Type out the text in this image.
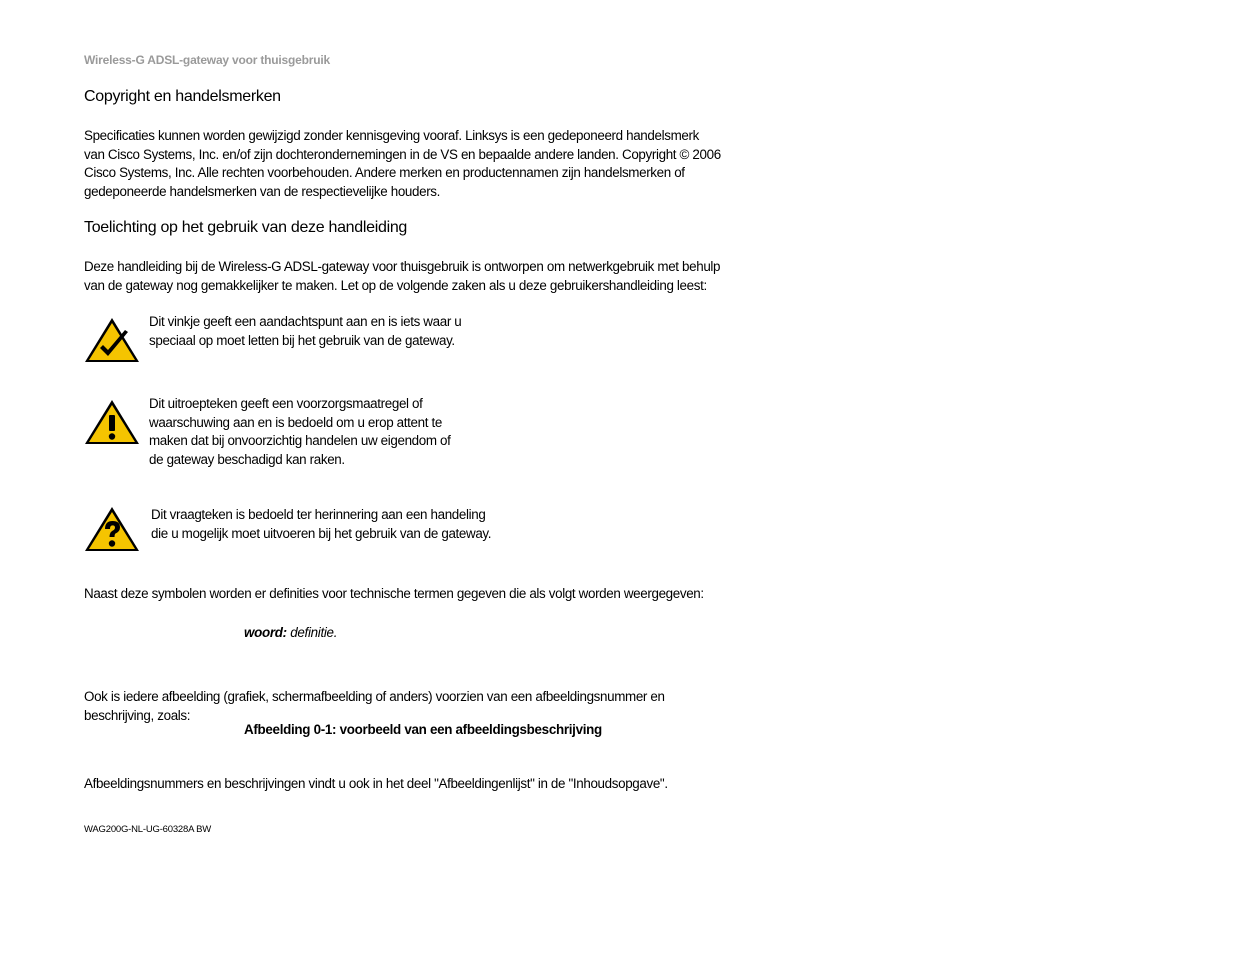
Wireless-G ADSL-gateway voor thuisgebruik
Copyright en handelsmerken
Specificaties kunnen worden gewijzigd zonder kennisgeving vooraf. Linksys is een gedeponeerd handelsmerk
van Cisco Systems, Inc. en/of zijn dochterondernemingen in de VS en bepaalde andere landen. Copyright © 2006
Cisco Systems, Inc. Alle rechten voorbehouden. Andere merken en productennamen zijn handelsmerken of
gedeponeerde handelsmerken van de respectievelijke houders.
Toelichting op het gebruik van deze handleiding
Deze handleiding bij de Wireless-G ADSL-gateway voor thuisgebruik is ontworpen om netwerkgebruik met behulp
van de gateway nog gemakkelijker te maken. Let op de volgende zaken als u deze gebruikershandleiding leest:
Dit vinkje geeft een aandachtspunt aan en is iets waar u
speciaal op moet letten bij het gebruik van de gateway.
Dit uitroepteken geeft een voorzorgsmaatregel of
waarschuwing aan en is bedoeld om u erop attent te
maken dat bij onvoorzichtig handelen uw eigendom of
de gateway beschadigd kan raken.
Dit vraagteken is bedoeld ter herinnering aan een handeling
die u mogelijk moet uitvoeren bij het gebruik van de gateway.
Naast deze symbolen worden er definities voor technische termen gegeven die als volgt worden weergegeven:
woord: definitie.
Ook is iedere afbeelding (grafiek, schermafbeelding of anders) voorzien van een afbeeldingsnummer en
beschrijving, zoals:
Afbeelding 0-1: voorbeeld van een afbeeldingsbeschrijving
Afbeeldingsnummers en beschrijvingen vindt u ook in het deel "Afbeeldingenlijst" in de "Inhoudsopgave".
WAG200G-NL-UG-60328A BW
